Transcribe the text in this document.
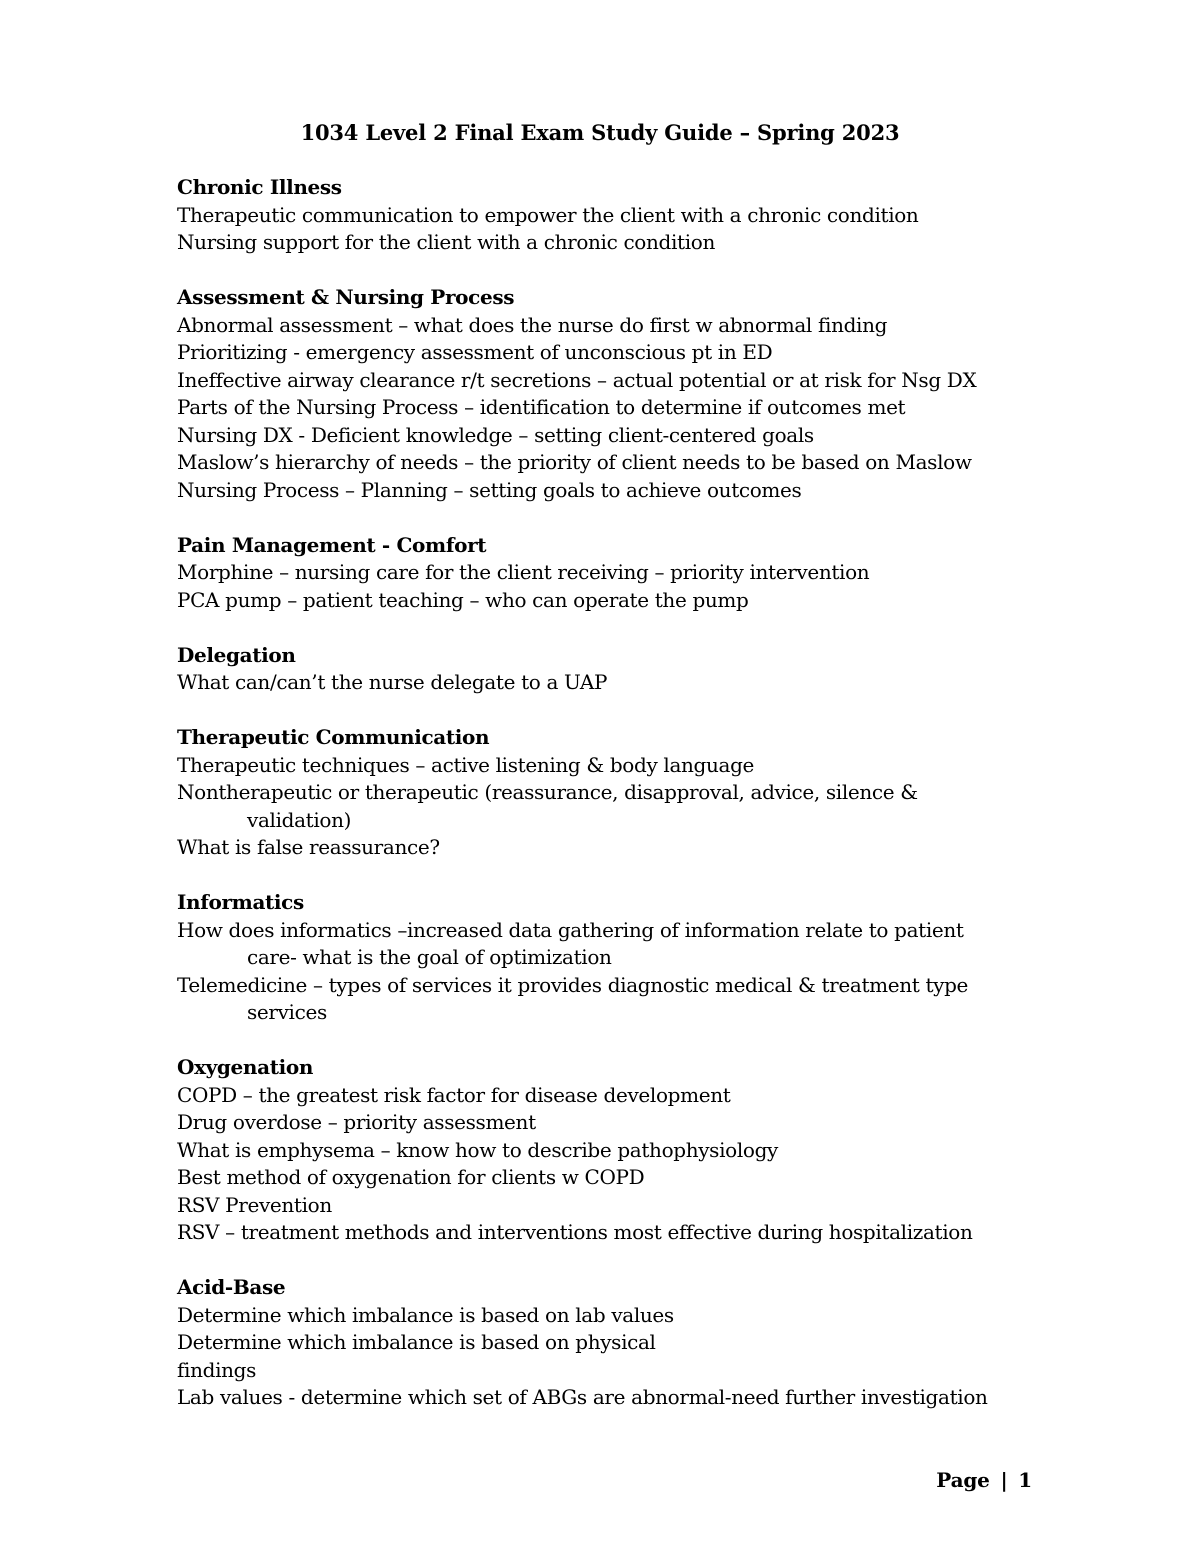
1034 Level 2 Final Exam Study Guide – Spring 2023
Chronic Illness
Therapeutic communication to empower the client with a chronic condition
Nursing support for the client with a chronic condition
Assessment & Nursing Process
Abnormal assessment – what does the nurse do first w abnormal finding
Prioritizing - emergency assessment of unconscious pt in ED
Ineffective airway clearance r/t secretions – actual potential or at risk for Nsg DX
Parts of the Nursing Process – identification to determine if outcomes met
Nursing DX - Deficient knowledge – setting client-centered goals
Maslow’s hierarchy of needs – the priority of client needs to be based on Maslow
Nursing Process – Planning – setting goals to achieve outcomes
Pain Management - Comfort
Morphine – nursing care for the client receiving – priority intervention
PCA pump – patient teaching – who can operate the pump
Delegation
What can/can’t the nurse delegate to a UAP
Therapeutic Communication
Therapeutic techniques – active listening & body language
Nontherapeutic or therapeutic (reassurance, disapproval, advice, silence &
validation)
What is false reassurance?
Informatics
How does informatics –increased data gathering of information relate to patient
care- what is the goal of optimization
Telemedicine – types of services it provides diagnostic medical & treatment type
services
Oxygenation
COPD – the greatest risk factor for disease development
Drug overdose – priority assessment
What is emphysema – know how to describe pathophysiology
Best method of oxygenation for clients w COPD
RSV Prevention
RSV – treatment methods and interventions most effective during hospitalization
Acid-Base
Determine which imbalance is based on lab values
Determine which imbalance is based on physical
findings
Lab values - determine which set of ABGs are abnormal-need further investigation
Page | 1
